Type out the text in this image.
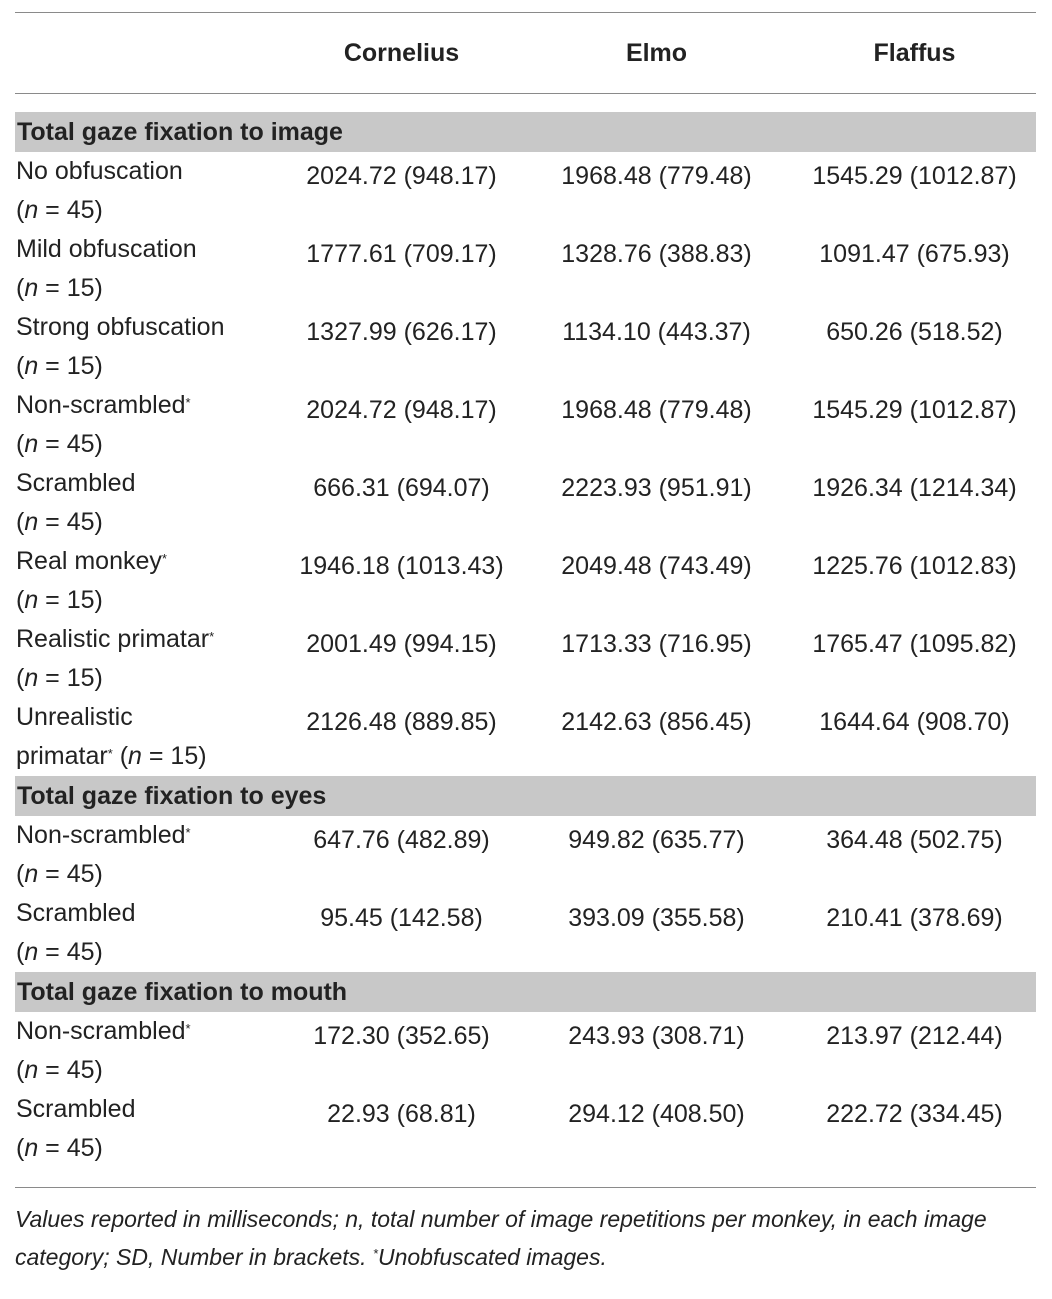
	Cornelius	Elmo	Flaffus

Total gaze fixation to image			

No obfuscation
(n = 45)	2024.72 (948.17)	1968.48 (779.48)	1545.29 (1012.87)

Mild obfuscation
(n = 15)	1777.61 (709.17)	1328.76 (388.83)	1091.47 (675.93)

Strong obfuscation
(n = 15)	1327.99 (626.17)	1134.10 (443.37)	650.26 (518.52)

Non-scrambled*
(n = 45)	2024.72 (948.17)	1968.48 (779.48)	1545.29 (1012.87)

Scrambled
(n = 45)	666.31 (694.07)	2223.93 (951.91)	1926.34 (1214.34)

Real monkey*
(n = 15)	1946.18 (1013.43)	2049.48 (743.49)	1225.76 (1012.83)

Realistic primatar*
(n = 15)	2001.49 (994.15)	1713.33 (716.95)	1765.47 (1095.82)

Unrealistic
primatar* (n = 15)	2126.48 (889.85)	2142.63 (856.45)	1644.64 (908.70)
Total gaze fixation to eyes			

Non-scrambled*
(n = 45)	647.76 (482.89)	949.82 (635.77)	364.48 (502.75)

Scrambled
(n = 45)	95.45 (142.58)	393.09 (355.58)	210.41 (378.69)
Total gaze fixation to mouth			

Non-scrambled*
(n = 45)	172.30 (352.65)	243.93 (308.71)	213.97 (212.44)

Scrambled
(n = 45)	22.93 (68.81)	294.12 (408.50)	222.72 (334.45)
Values reported in milliseconds; n, total number of image repetitions per monkey, in each image category; SD, Number in brackets. *Unobfuscated images.
